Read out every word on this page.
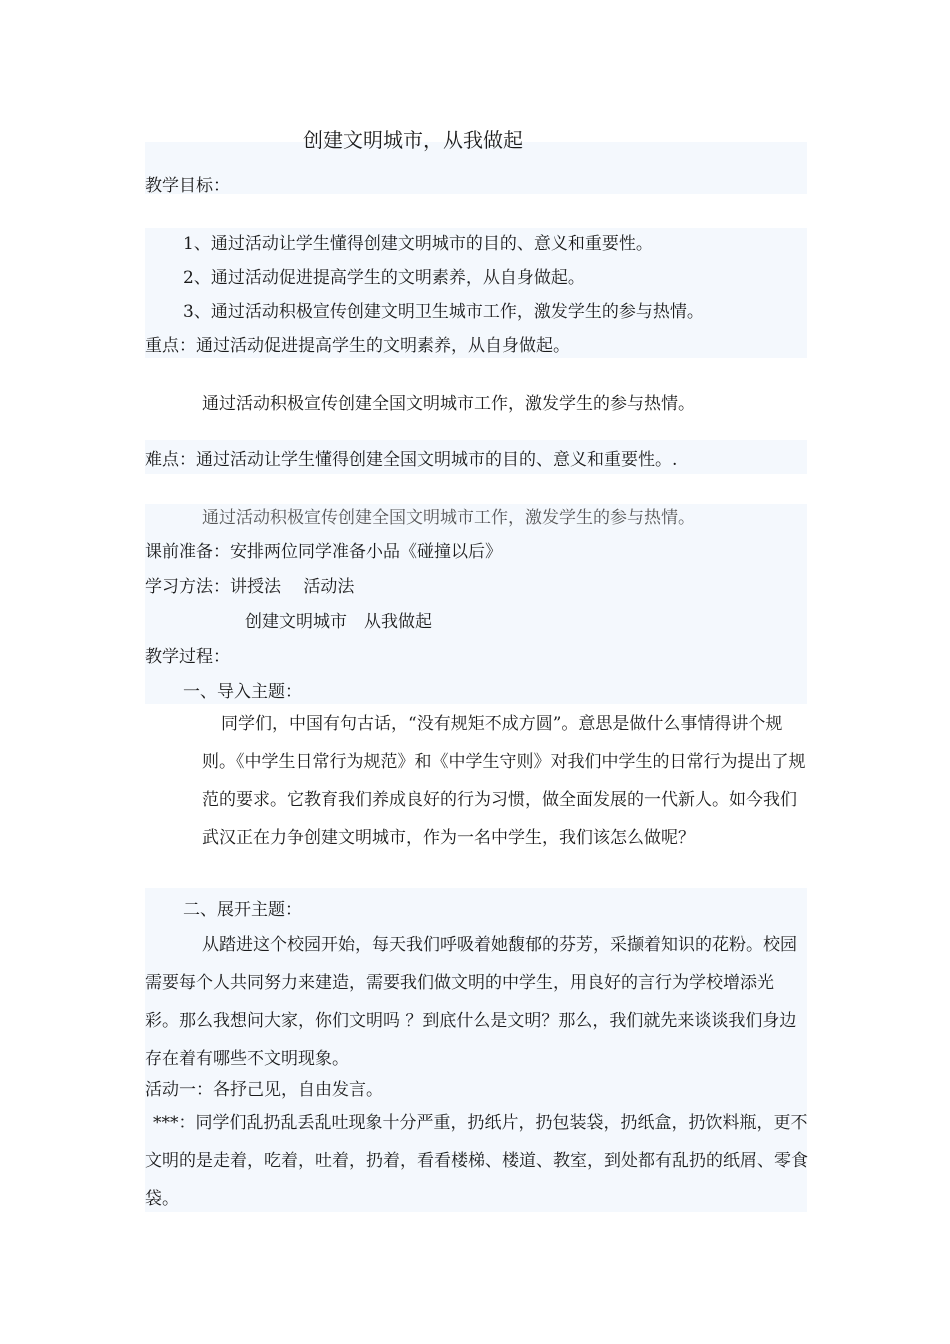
创建文明城市，从我做起
教学目标：
1、通过活动让学生懂得创建文明城市的目的、意义和重要性。
2、通过活动促进提高学生的文明素养，从自身做起。
3、通过活动积极宣传创建文明卫生城市工作，激发学生的参与热情。
重点：通过活动促进提高学生的文明素养，从自身做起。
通过活动积极宣传创建全国文明城市工作，激发学生的参与热情。
难点：通过活动让学生懂得创建全国文明城市的目的、意义和重要性。.
通过活动积极宣传创建全国文明城市工作，激发学生的参与热情。
课前准备：安排两位同学准备小品《碰撞以后》
学习方法：讲授法　 活动法
创建文明城市　从我做起
教学过程：
一、导入主题：
同学们，中国有句古话，“没有规矩不成方圆”。意思是做什么事情得讲个规则。《中学生日常行为规范》和《中学生守则》对我们中学生的日常行为提出了规范的要求。它教育我们养成良好的行为习惯，做全面发展的一代新人。如今我们武汉正在力争创建文明城市，作为一名中学生，我们该怎么做呢？
二、展开主题：
从踏进这个校园开始，每天我们呼吸着她馥郁的芬芳，采撷着知识的花粉。校园需要每个人共同努力来建造，需要我们做文明的中学生，用良好的言行为学校增添光彩。那么我想问大家，你们文明吗 ？到底什么是文明？那么，我们就先来谈谈我们身边存在着有哪些不文明现象。
活动一：各抒己见，自由发言。
***：同学们乱扔乱丢乱吐现象十分严重，扔纸片，扔包装袋，扔纸盒，扔饮料瓶，更不文明的是走着，吃着，吐着，扔着，看看楼梯、楼道、教室，到处都有乱扔的纸屑、零食袋。
